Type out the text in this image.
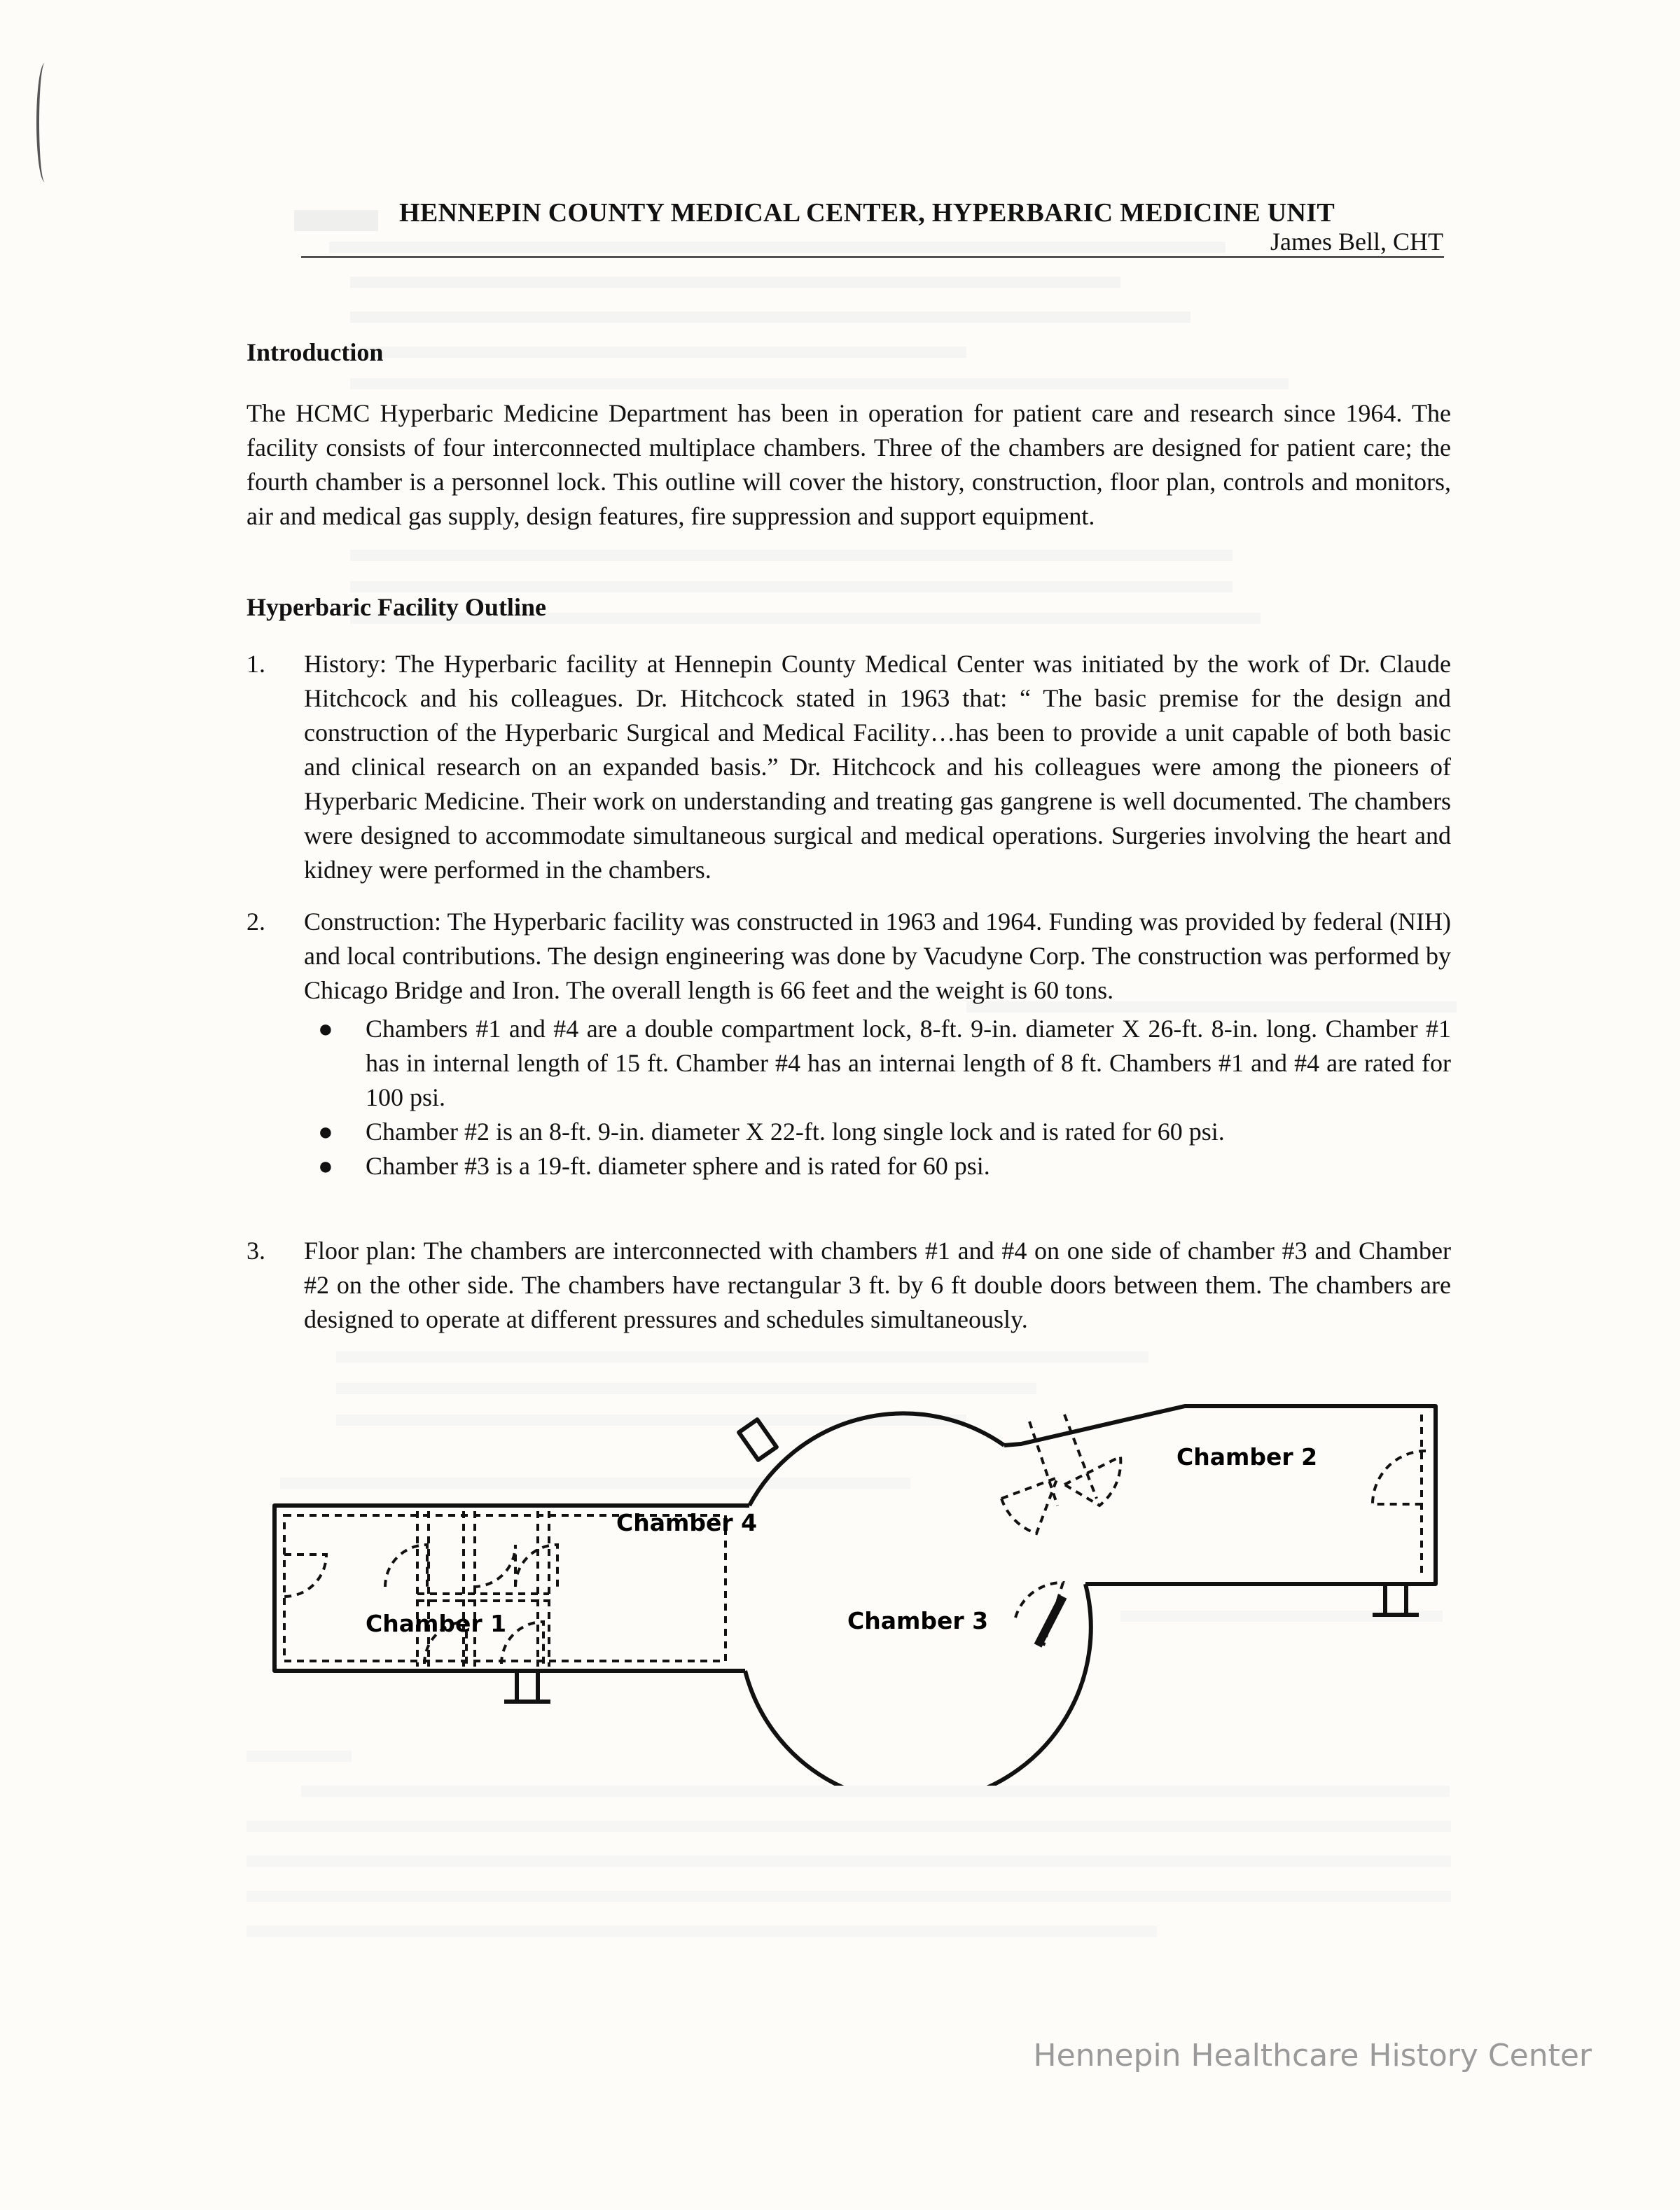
HENNEPIN COUNTY MEDICAL CENTER, HYPERBARIC MEDICINE UNIT
James Bell, CHT
Introduction
The HCMC Hyperbaric Medicine Department has been in operation for patient care and research since 1964. The facility consists of four interconnected multiplace chambers. Three of the chambers are designed for patient care; the fourth chamber is a personnel lock. This outline will cover the history, construction, floor plan, controls and monitors, air and medical gas supply, design features, fire suppression and support equipment.
Hyperbaric Facility Outline
1. History: The Hyperbaric facility at Hennepin County Medical Center was initiated by the work of Dr. Claude Hitchcock and his colleagues. Dr. Hitchcock stated in 1963 that: “ The basic premise for the design and construction of the Hyperbaric Surgical and Medical Facility…has been to provide a unit capable of both basic and clinical research on an expanded basis.” Dr. Hitchcock and his colleagues were among the pioneers of Hyperbaric Medicine. Their work on understanding and treating gas gangrene is well documented. The chambers were designed to accommodate simultaneous surgical and medical operations. Surgeries involving the heart and kidney were performed in the chambers.
2. Construction: The Hyperbaric facility was constructed in 1963 and 1964. Funding was provided by federal (NIH) and local contributions. The design engineering was done by Vacudyne Corp. The construction was performed by Chicago Bridge and Iron. The overall length is 66 feet and the weight is 60 tons.
● Chambers #1 and #4 are a double compartment lock, 8-ft. 9-in. diameter X 26-ft. 8-in. long. Chamber #1 has in internal length of 15 ft. Chamber #4 has an internai length of 8 ft. Chambers #1 and #4 are rated for 100 psi.
● Chamber #2 is an 8-ft. 9-in. diameter X 22-ft. long single lock and is rated for 60 psi.
● Chamber #3 is a 19-ft. diameter sphere and is rated for 60 psi.
3. Floor plan: The chambers are interconnected with chambers #1 and #4 on one side of chamber #3 and Chamber #2 on the other side. The chambers have rectangular 3 ft. by 6 ft double doors between them. The chambers are designed to operate at different pressures and schedules simultaneously.
Chamber 1
Chamber 2
Chamber 3
Chamber 4
Hennepin Healthcare History Center
